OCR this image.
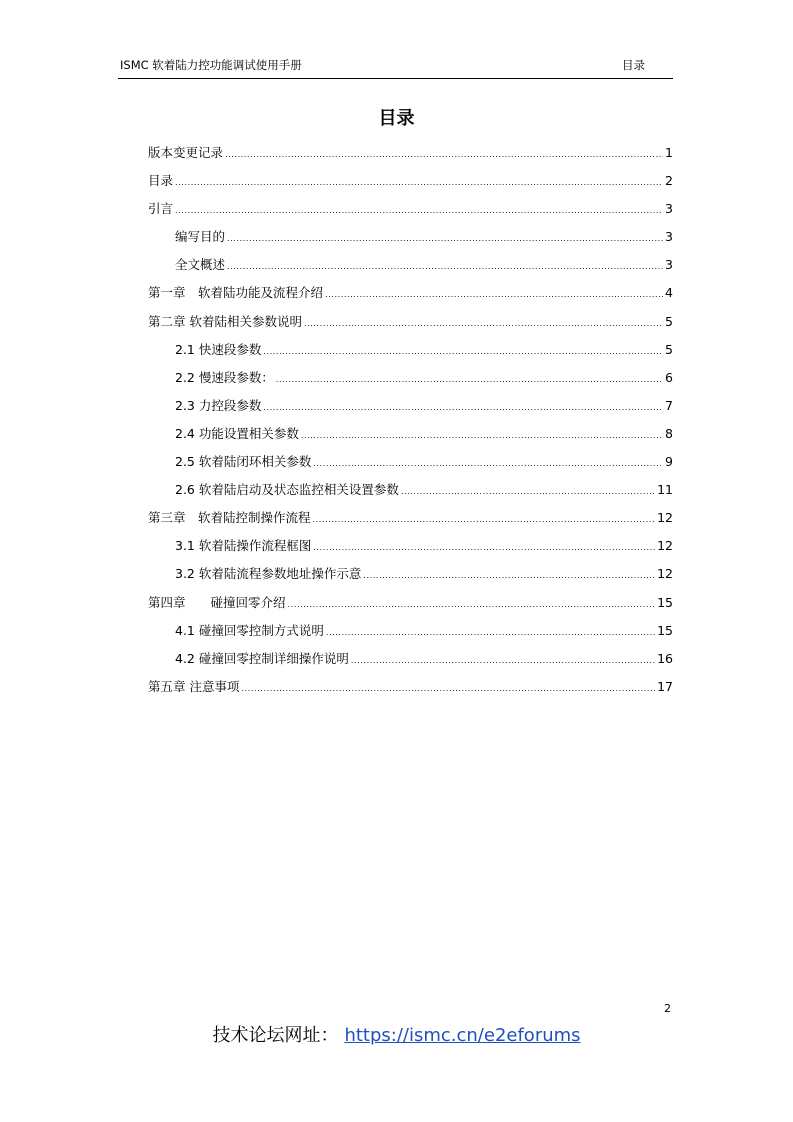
ISMC 软着陆力控功能调试使用手册	目录
目录
版本变更记录 .....	1
目录 .....	2
引言 .....	3
编写目的 .....	3
全文概述 .....	3
第一章　软着陆功能及流程介绍 .....	4
第二章 软着陆相关参数说明 .....	5
2.1 快速段参数 .....	5
2.2 慢速段参数： .....	6
2.3 力控段参数 .....	7
2.4 功能设置相关参数 .....	8
2.5 软着陆闭环相关参数 .....	9
2.6 软着陆启动及状态监控相关设置参数 .....	11
第三章　软着陆控制操作流程 .....	12
3.1 软着陆操作流程框图 .....	12
3.2 软着陆流程参数地址操作示意 .....	12
第四章　　碰撞回零介绍 .....	15
4.1 碰撞回零控制方式说明 .....	15
4.2 碰撞回零控制详细操作说明 .....	16
第五章 注意事项 .....	17
2
技术论坛网址： https://ismc.cn/e2eforums
